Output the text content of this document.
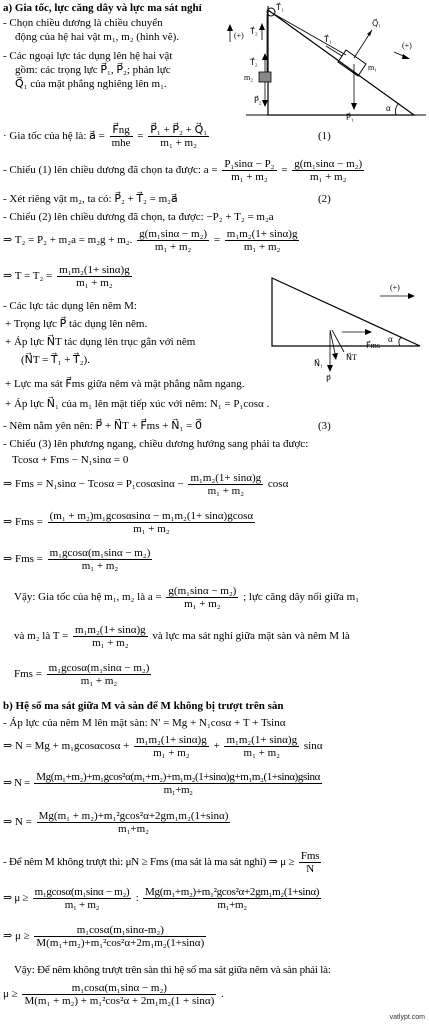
a) Gia tốc, lực căng dây và lực ma sát nghỉ
- Chọn chiều dương là chiều chuyển
động của hệ hai vật m₁, m₂ (hình vẽ).
- Các ngoại lực tác dụng lên hệ hai vật
gồm: các trọng lực P⃗₁, P⃗₂; phản lực
Q⃗₁ của mặt phẳng nghiêng lên m₁.
T⃗₁
T⃗₁
T⃗₂
T⃗₂
Q⃗₁
m₁
m₂
P⃗₁
P⃗₂
α
(+)
(+)
· Gia tốc của hệ là: a⃗ = $\frac{F⃗ng}{\text{mhe}} = \frac{\text{P⃗₁ + P⃗₂ + Q⃗₁}}{\text{m₁ + m₂}}$	(1)
- Chiếu (1) lên chiều dương đã chọn ta được: $a = \frac{\text{P₁sinα − P₂}}{\text{m₁ + m₂}} = \frac{\text{g(m₁sinα − m₂)}}{\text{m₁ + m₂}}$
- Xét riêng vật m₂, ta có: P⃗₂ + T⃗₂ = m₂a⃗	(2)
- Chiếu (2) lên chiều dương đã chọn, ta được: −P₂ + T₂ = m₂a
⇒ T₂ = P₂ + m₂a = m₂g + m₂. $\frac{\text{g(m₁sinα − m₂)}}{\text{m₁ + m₂}} = \frac{\text{m₁m₂(1+ sinα)g}}{\text{m₁ + m₂}}$
⇒ $T = T_2 = \frac{\text{m₁m₂(1+ sinα)g}}{\text{m₁ + m₂}}$	(+)
α
N⃗T
N⃗₁
P⃗
F⃗ms
- Các lực tác dụng lên nêm M:
+ Trọng lực P⃗ tác dụng lên nêm.
+ Áp lực N⃗T tác dụng lên trục gắn với nêm
(N⃗T = T⃗₁ + T⃗₂).
+ Lực ma sát F⃗ms giữa nêm và mặt phẳng nằm ngang.
+ Áp lực N⃗₁ của m₁ lên mặt tiếp xúc với nêm: N₁ = P₁cosα .
- Nêm nằm yên nên: P⃗ + N⃗T + F⃗ms + N⃗₁ = 0⃗	(3)
- Chiếu (3) lên phương ngang, chiều dương hướng sang phải ta được:
Tcosα + Fms − N₁sinα = 0
⇒ Fms = $N_1\sin\alpha - Tcos\alpha = P_1\cos\alpha\sin\alpha - \frac{\text{m₁m₂(1+ sinα)g}}{\text{m₁ + m₂}}$ cosα
⇒ Fms = $\frac{\text{(m₁ + m₂)m₁gcosαsinα − m₁m₂(1+ sinα)gcosα}}{\text{m₁ + m₂}}$
⇒ Fms = $\frac{\text{m₁gcosα(m₁sinα − m₂)}}{\text{m₁ + m₂}}$
Vậy: Gia tốc của hệ m₁, m₂ là $a = \frac{\text{g(m₁sinα − m₂)}}{\text{m₁ + m₂}}$ ; lực căng dây nối giữa m₁
và m₂ là $T = \frac{\text{m₁m₂(1+ sinα)g}}{\text{m₁ + m₂}}$ và lực ma sát nghỉ giữa mặt sàn và nêm M là
Fms = $\frac{\text{m₁gcosα(m₁sinα − m₂)}}{\text{m₁ + m₂}}$
b) Hệ số ma sát giữa M và sàn để M không bị trượt trên sàn
- Áp lực của nêm M lên mặt sàn: N' = Mg + N₁cosα + T + Tsinα
⇒ $N = Mg + m_1gcos\alpha\cos\alpha + \frac{\text{m₁m₂(1+ sinα)g}}{\text{m₁ + m₂}} + \frac{\text{m₁m₂(1+ sinα)g}}{\text{m₁ + m₂}}$ sinα
⇒ $N = \frac{\text{Mg(m₁+m₂)+m₁gcos²α(m₁+m₂)+m₁m₂(1+sinα)g+m₁m₂(1+sinα)gsinα}}{\text{m₁+m₂}}$
⇒ $N = \frac{\text{Mg(m₁ + m₂)+m₁²gcos²α+2gm₁m₂(1+sinα)}}{\text{m₁+m₂}}$
- Để nêm M không trượt thì: μN ≥ Fms (ma sát là ma sát nghỉ) ⇒ $\mu \ge \frac{\text{Fms}}{N}$
⇒ $\mu \ge \frac{\text{m₁gcosα(m₁sinα − m₂)}}{\text{m₁ + m₂}}$ : $\frac{\text{Mg(m₁+m₂)+m₁²gcos²α+2gm₁m₂(1+sinα)}}{\text{m₁+m₂}}$
⇒ $\mu \ge \frac{\text{m₁cosα(m₁sinα-m₂)}}{\text{M(m₁+m₂)+m₁²cos²α+2m₁m₂(1+sinα)}}$
Vậy: Để nêm không trượt trên sàn thì hệ số ma sát giữa nêm và sàn phải là:
$\mu \ge \frac{\text{m₁cosα(m₁sinα − m₂)}}{\text{M(m₁ + m₂) + m₁²cos²α + 2m₁m₂(1 + sinα)}}$ .
vatlypt.com
